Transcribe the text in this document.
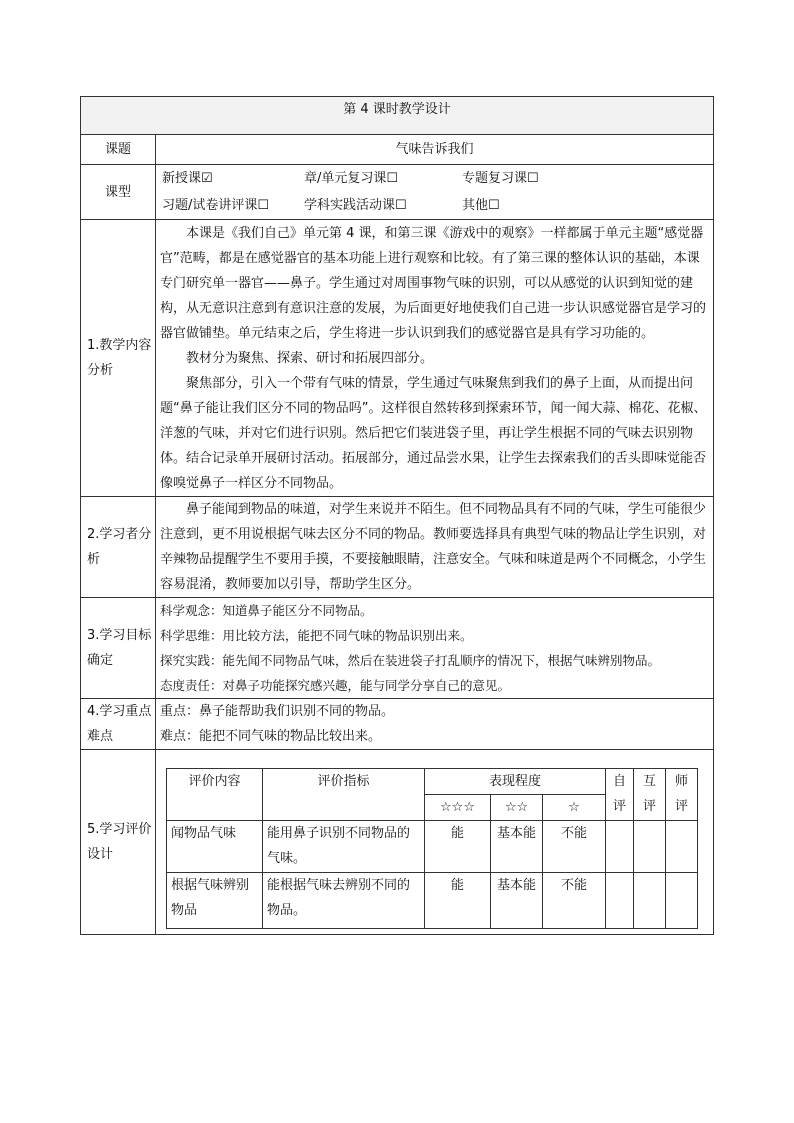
第 4 课时教学设计
课题	气味告诉我们
课型	
新授课☑	章/单元复习课☐	专题复习课☐
习题/试卷讲评课☐	学科实践活动课☐	其他☐

1.教学内容分析	

本课是《我们自己》单元第 4 课，和第三课《游戏中的观察》一样都属于单元主题“感觉器官”范畴，都是在感觉器官的基本功能上进行观察和比较。有了第三课的整体认识的基础，本课专门研究单一器官——鼻子。学生通过对周围事物气味的识别，可以从感觉的认识到知觉的建构，从无意识注意到有意识注意的发展，为后面更好地使我们自己进一步认识感觉器官是学习的器官做铺垫。单元结束之后，学生将进一步认识到我们的感觉器官是具有学习功能的。

教材分为聚焦、探索、研讨和拓展四部分。

聚焦部分，引入一个带有气味的情景，学生通过气味聚焦到我们的鼻子上面，从而提出问题“鼻子能让我们区分不同的物品吗”。这样很自然转移到探索环节，闻一闻大蒜、棉花、花椒、洋葱的气味，并对它们进行识别。然后把它们装进袋子里，再让学生根据不同的气味去识别物体。结合记录单开展研讨活动。拓展部分，通过品尝水果，让学生去探索我们的舌头即味觉能否像嗅觉鼻子一样区分不同物品。

2.学习者分析	

鼻子能闻到物品的味道，对学生来说并不陌生。但不同物品具有不同的气味，学生可能很少注意到，更不用说根据气味去区分不同的物品。教师要选择具有典型气味的物品让学生识别，对辛辣物品提醒学生不要用手摸，不要接触眼睛，注意安全。气味和味道是两个不同概念，小学生容易混淆，教师要加以引导，帮助学生区分。

3.学习目标确定	

科学观念：知道鼻子能区分不同物品。

科学思维：用比较方法，能把不同气味的物品识别出来。

探究实践：能先闻不同物品气味，然后在装进袋子打乱顺序的情况下，根据气味辨别物品。

态度责任：对鼻子功能探究感兴趣，能与同学分享自己的意见。

4.学习重点难点	

重点：鼻子能帮助我们识别不同的物品。

难点：能把不同气味的物品比较出来。

5.学习评价设计	
评价内容	评价指标	表现程度	自评	互评	师评
☆☆☆	☆☆	☆
闻物品气味	能用鼻子识别不同物品的气味。	能	基本能	不能			
根据气味辨别物品	能根据气味去辨别不同的物品。	能	基本能	不能			
